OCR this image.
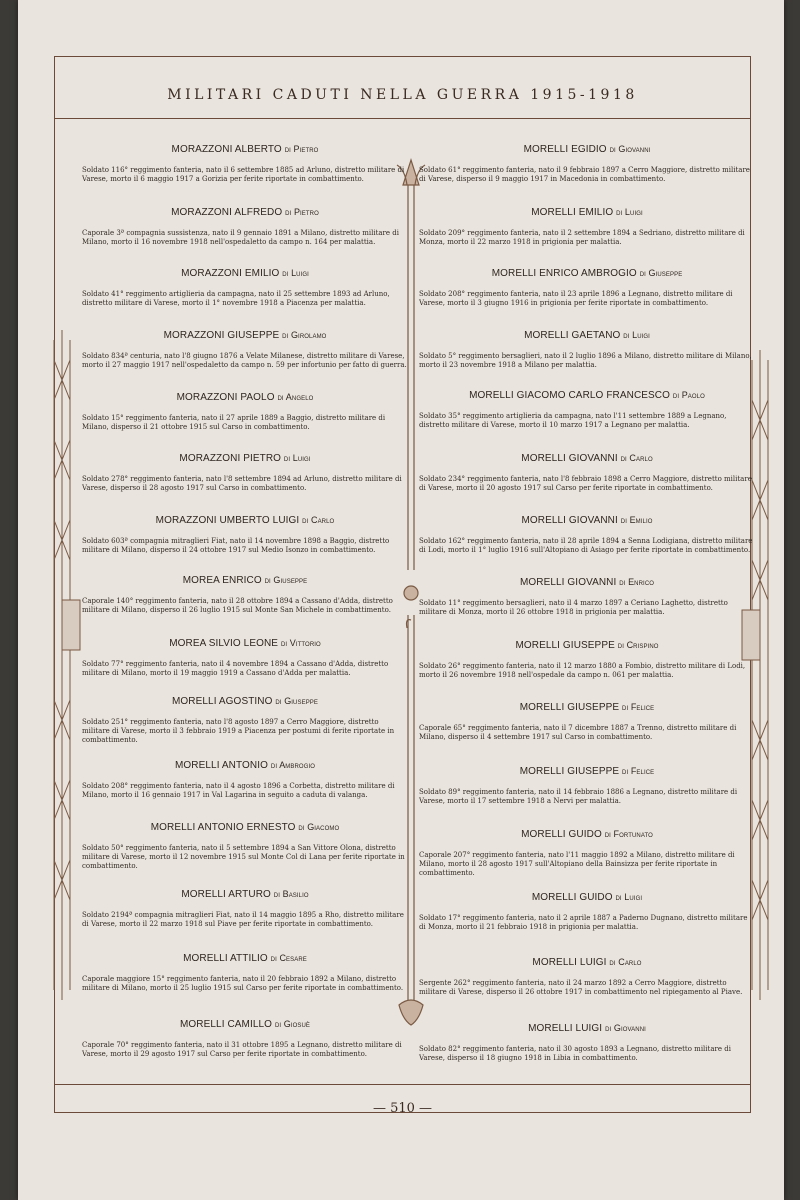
MILITARI CADUTI NELLA GUERRA 1915-1918
— 510 —
MORAZZONI ALBERTO di Pietro
Soldato 116° reggimento fanteria, nato il 6 settembre 1885 ad Arluno, distretto militare di Varese, morto il 6 maggio 1917 a Gorizia per ferite riportate in combattimento.
MORAZZONI ALFREDO di Pietro
Caporale 3ª compagnia sussistenza, nato il 9 gennaio 1891 a Milano, distretto militare di Milano, morto il 16 novembre 1918 nell'ospedaletto da campo n. 164 per malattia.
MORAZZONI EMILIO di Luigi
Soldato 41° reggimento artiglieria da campagna, nato il 25 settembre 1893 ad Arluno, distretto militare di Varese, morto il 1° novembre 1918 a Piacenza per malattia.
MORAZZONI GIUSEPPE di Girolamo
Soldato 834ª centuria, nato l'8 giugno 1876 a Velate Milanese, distretto militare di Varese, morto il 27 maggio 1917 nell'ospedaletto da campo n. 59 per infortunio per fatto di guerra.
MORAZZONI PAOLO di Angelo
Soldato 15° reggimento fanteria, nato il 27 aprile 1889 a Baggio, distretto militare di Milano, disperso il 21 ottobre 1915 sul Carso in combattimento.
MORAZZONI PIETRO di Luigi
Soldato 278° reggimento fanteria, nato l'8 settembre 1894 ad Arluno, distretto militare di Varese, disperso il 28 agosto 1917 sul Carso in combattimento.
MORAZZONI UMBERTO LUIGI di Carlo
Soldato 603ª compagnia mitraglieri Fiat, nato il 14 novembre 1898 a Baggio, distretto militare di Milano, disperso il 24 ottobre 1917 sul Medio Isonzo in combattimento.
MOREA ENRICO di Giuseppe
Caporale 140° reggimento fanteria, nato il 28 ottobre 1894 a Cassano d'Adda, distretto militare di Milano, disperso il 26 luglio 1915 sul Monte San Michele in combattimento.
MOREA SILVIO LEONE di Vittorio
Soldato 77° reggimento fanteria, nato il 4 novembre 1894 a Cassano d'Adda, distretto militare di Milano, morto il 19 maggio 1919 a Cassano d'Adda per malattia.
MORELLI AGOSTINO di Giuseppe
Soldato 251° reggimento fanteria, nato l'8 agosto 1897 a Cerro Maggiore, distretto militare di Varese, morto il 3 febbraio 1919 a Piacenza per postumi di ferite riportate in combattimento.
MORELLI ANTONIO di Ambrogio
Soldato 208° reggimento fanteria, nato il 4 agosto 1896 a Corbetta, distretto militare di Milano, morto il 16 gennaio 1917 in Val Lagarina in seguito a caduta di valanga.
MORELLI ANTONIO ERNESTO di Giacomo
Soldato 50° reggimento fanteria, nato il 5 settembre 1894 a San Vittore Olona, distretto militare di Varese, morto il 12 novembre 1915 sul Monte Col di Lana per ferite riportate in combattimento.
MORELLI ARTURO di Basilio
Soldato 2194ª compagnia mitraglieri Fiat, nato il 14 maggio 1895 a Rho, distretto militare di Varese, morto il 22 marzo 1918 sul Piave per ferite riportate in combattimento.
MORELLI ATTILIO di Cesare
Caporale maggiore 15° reggimento fanteria, nato il 20 febbraio 1892 a Milano, distretto militare di Milano, morto il 25 luglio 1915 sul Carso per ferite riportate in combattimento.
MORELLI CAMILLO di Giosuè
Caporale 70° reggimento fanteria, nato il 31 ottobre 1895 a Legnano, distretto militare di Varese, morto il 29 agosto 1917 sul Carso per ferite riportate in combattimento.
MORELLI EGIDIO di Giovanni
Soldato 61° reggimento fanteria, nato il 9 febbraio 1897 a Cerro Maggiore, distretto militare di Varese, disperso il 9 maggio 1917 in Macedonia in combattimento.
MORELLI EMILIO di Luigi
Soldato 209° reggimento fanteria, nato il 2 settembre 1894 a Sedriano, distretto militare di Monza, morto il 22 marzo 1918 in prigionia per malattia.
MORELLI ENRICO AMBROGIO di Giuseppe
Soldato 208° reggimento fanteria, nato il 23 aprile 1896 a Legnano, distretto militare di Varese, morto il 3 giugno 1916 in prigionia per ferite riportate in combattimento.
MORELLI GAETANO di Luigi
Soldato 5° reggimento bersaglieri, nato il 2 luglio 1896 a Milano, distretto militare di Milano, morto il 23 novembre 1918 a Milano per malattia.
MORELLI GIACOMO CARLO FRANCESCO di Paolo
Soldato 35° reggimento artiglieria da campagna, nato l'11 settembre 1889 a Legnano, distretto militare di Varese, morto il 10 marzo 1917 a Legnano per malattia.
MORELLI GIOVANNI di Carlo
Soldato 234° reggimento fanteria, nato l'8 febbraio 1898 a Cerro Maggiore, distretto militare di Varese, morto il 20 agosto 1917 sul Carso per ferite riportate in combattimento.
MORELLI GIOVANNI di Emilio
Soldato 162° reggimento fanteria, nato il 28 aprile 1894 a Senna Lodigiana, distretto militare di Lodi, morto il 1° luglio 1916 sull'Altopiano di Asiago per ferite riportate in combattimento.
MORELLI GIOVANNI di Enrico
Soldato 11° reggimento bersaglieri, nato il 4 marzo 1897 a Ceriano Laghetto, distretto militare di Monza, morto il 26 ottobre 1918 in prigionia per malattia.
MORELLI GIUSEPPE di Crispino
Soldato 26° reggimento fanteria, nato il 12 marzo 1880 a Fombio, distretto militare di Lodi, morto il 26 novembre 1918 nell'ospedale da campo n. 061 per malattia.
MORELLI GIUSEPPE di Felice
Caporale 65° reggimento fanteria, nato il 7 dicembre 1887 a Trenno, distretto militare di Milano, disperso il 4 settembre 1917 sul Carso in combattimento.
MORELLI GIUSEPPE di Felice
Soldato 89° reggimento fanteria, nato il 14 febbraio 1886 a Legnano, distretto militare di Varese, morto il 17 settembre 1918 a Nervi per malattia.
MORELLI GUIDO di Fortunato
Caporale 207° reggimento fanteria, nato l'11 maggio 1892 a Milano, distretto militare di Milano, morto il 28 agosto 1917 sull'Altopiano della Bainsizza per ferite riportate in combattimento.
MORELLI GUIDO di Luigi
Soldato 17° reggimento fanteria, nato il 2 aprile 1887 a Paderno Dugnano, distretto militare di Monza, morto il 21 febbraio 1918 in prigionia per malattia.
MORELLI LUIGI di Carlo
Sergente 262° reggimento fanteria, nato il 24 marzo 1892 a Cerro Maggiore, distretto militare di Varese, disperso il 26 ottobre 1917 in combattimento nel ripiegamento al Piave.
MORELLI LUIGI di Giovanni
Soldato 82° reggimento fanteria, nato il 30 agosto 1893 a Legnano, distretto militare di Varese, disperso il 18 giugno 1918 in Libia in combattimento.
